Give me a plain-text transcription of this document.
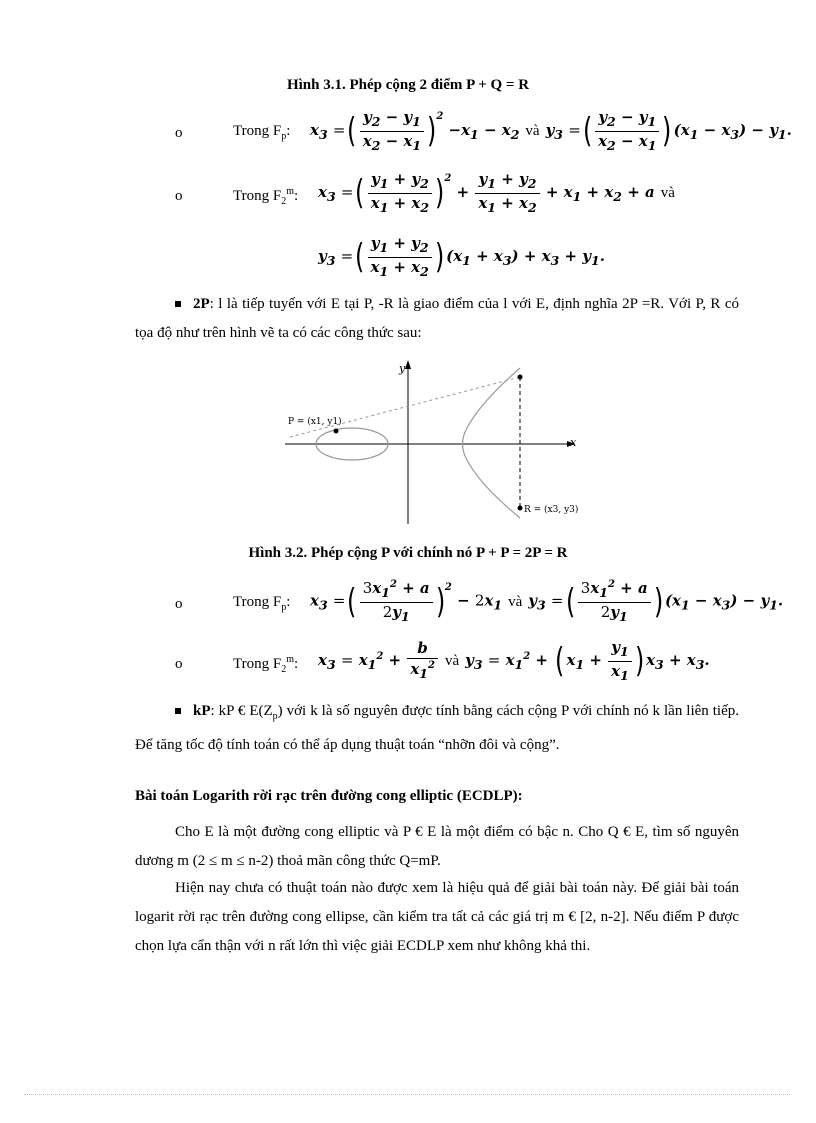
Hình 3.1. Phép cộng 2 điểm P + Q = R
o	Trong $F_p$: $x_3$ =( $\frac{y_2 - y_1}{x_2 - x_1} )^2 -x_1 - x_2$ và $y_3$ =( $\frac{y_2 - y_1}{x_2 - x_1}$ ) $(x_1 - x_3) - y_1$.
o	Trong $F_2^m$: $x_3$ =( $\frac{y_1 + y_2}{x_1 + x_2} )^2 + \frac{y_1 + y_2}{x_1 + x_2} + x_1 + x_2 + a$ và
$y_3$ =( $\frac{y_1 + y_2}{x_1 + x_2}$ ) $(x_1 + x_3) + x_3 + y_1$.
2P: l là tiếp tuyến với E tại P, -R là giao điểm của l với E, định nghĩa 2P =R. Với P, R có tọa độ như trên hình vẽ ta có các công thức sau:
y
x
P = (x1, y1)
R = (x3, y3)
Hình 3.2. Phép cộng P với chính nó P + P = 2P = R
o	Trong $F_p$: $x_3$ =( $\frac{3x_1^2 + a}{2y_1} )^2 - 2x_1$ và $y_3$ =( $\frac{3x_1^2 + a}{2y_1}$ ) $(x_1 - x_3) - y_1$.
o	Trong $F_2^m$: $x_3 = x_1^2 + \frac{b}{x_1^2}$ và $y_3 = x_1^2$ + ( $x_1 + \frac{y_1}{x_1}$ ) $x_3 + x_3$.
kP: kP € $E(Z_p)$ với k là số nguyên được tính bằng cách cộng P với chính nó k lần liên tiếp. Để tăng tốc độ tính toán có thể áp dụng thuật toán “nhỡn đôi và cộng”.
Bài toán Logarith rời rạc trên đường cong elliptic (ECDLP):
Cho E là một đường cong elliptic và P € E là một điểm có bậc n. Cho Q € E, tìm số nguyên dương m (2 ≤ m ≤ n-2) thoả mãn công thức Q=mP.
Hiện nay chưa có thuật toán nào được xem là hiệu quả để giải bài toán này. Để giải bài toán logarit rời rạc trên đường cong ellipse, cần kiểm tra tất cả các giá trị m € [2, n-2]. Nếu điểm P được chọn lựa cẩn thận với n rất lớn thì việc giải ECDLP xem như không khả thi.
